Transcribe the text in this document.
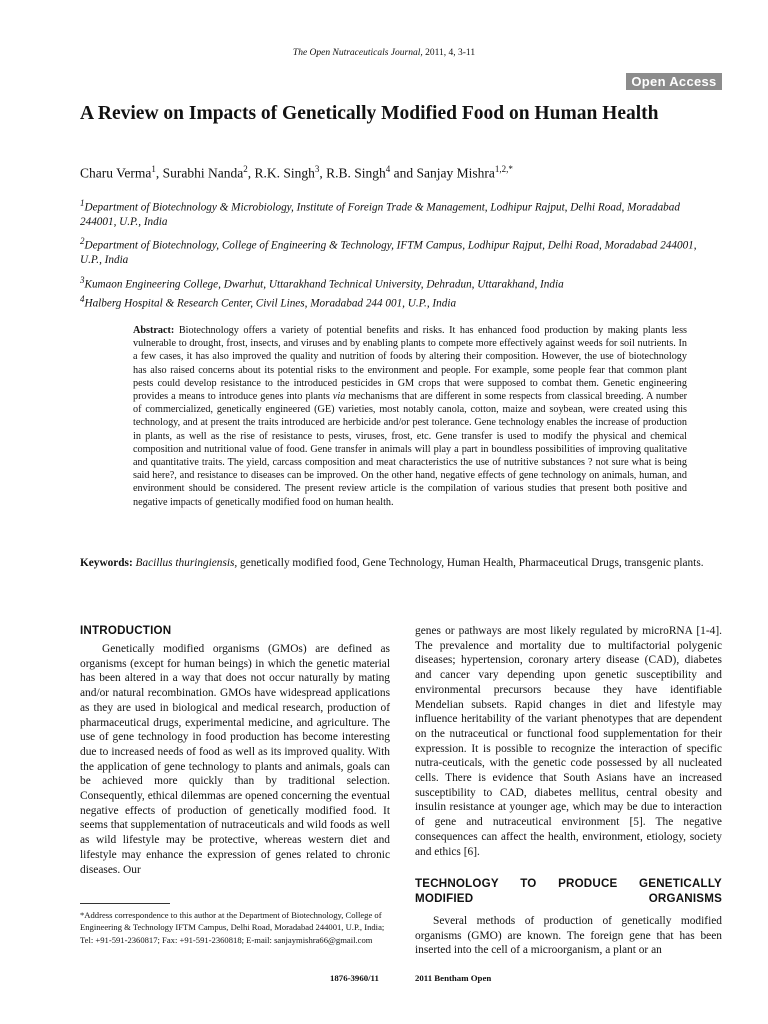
The Open Nutraceuticals Journal, 2011, 4, 3-11
Open Access
A Review on Impacts of Genetically Modified Food on Human Health
Charu Verma$^1$, Surabhi Nanda$^2$, R.K. Singh$^3$, R.B. Singh$^4$ and Sanjay Mishra$^{1,2,*}$
$^1$Department of Biotechnology & Microbiology, Institute of Foreign Trade & Management, Lodhipur Rajput, Delhi Road, Moradabad 244001, U.P., India
$^2$Department of Biotechnology, College of Engineering & Technology, IFTM Campus, Lodhipur Rajput, Delhi Road, Moradabad 244001, U.P., India
$^3$Kumaon Engineering College, Dwarhut, Uttarakhand Technical University, Dehradun, Uttarakhand, India
$^4$Halberg Hospital & Research Center, Civil Lines, Moradabad 244 001, U.P., India
Abstract: Biotechnology offers a variety of potential benefits and risks. It has enhanced food production by making plants less vulnerable to drought, frost, insects, and viruses and by enabling plants to compete more effectively against weeds for soil nutrients. In a few cases, it has also improved the quality and nutrition of foods by altering their composition. However, the use of biotechnology has also raised concerns about its potential risks to the environment and people. For example, some people fear that common plant pests could develop resistance to the introduced pesticides in GM crops that were supposed to combat them. Genetic engineering provides a means to introduce genes into plants via mechanisms that are different in some respects from classical breeding. A number of commercialized, genetically engineered (GE) varieties, most notably canola, cotton, maize and soybean, were created using this technology, and at present the traits introduced are herbicide and/or pest tolerance. Gene technology enables the increase of production in plants, as well as the rise of resistance to pests, viruses, frost, etc. Gene transfer is used to modify the physical and chemical composition and nutritional value of food. Gene transfer in animals will play a part in boundless possibilities of improving qualitative and quantitative traits. The yield, carcass composition and meat characteristics the use of nutritive substances ? not sure what is being said here?, and resistance to diseases can be improved. On the other hand, negative effects of gene technology on animals, human, and environment should be considered. The present review article is the compilation of various studies that present both positive and negative impacts of genetically modified food on human health.
Keywords: Bacillus thuringiensis, genetically modified food, Gene Technology, Human Health, Pharmaceutical Drugs, transgenic plants.
INTRODUCTION
Genetically modified organisms (GMOs) are defined as organisms (except for human beings) in which the genetic material has been altered in a way that does not occur naturally by mating and/or natural recombination. GMOs have widespread applications as they are used in biological and medical research, production of pharmaceutical drugs, experimental medicine, and agriculture. The use of gene technology in food production has become interesting due to increased needs of food as well as its improved quality. With the application of gene technology to plants and animals, goals can be achieved more quickly than by traditional selection. Consequently, ethical dilemmas are opened concerning the eventual negative effects of production of genetically modified food. It seems that supplementation of nutraceuticals and wild foods as well as wild lifestyle may be protective, whereas western diet and lifestyle may enhance the expression of genes related to chronic diseases. Our
genes or pathways are most likely regulated by microRNA [1-4]. The prevalence and mortality due to multifactorial polygenic diseases; hypertension, coronary artery disease (CAD), diabetes and cancer vary depending upon genetic susceptibility and environmental precursors because they have identifiable Mendelian subsets. Rapid changes in diet and lifestyle may influence heritability of the variant phenotypes that are dependent on the nutraceutical or functional food supplementation for their expression. It is possible to recognize the interaction of specific nutra-ceuticals, with the genetic code possessed by all nucleated cells. There is evidence that South Asians have an increased susceptibility to CAD, diabetes mellitus, central obesity and insulin resistance at younger age, which may be due to interaction of gene and nutraceutical environment [5]. The negative consequences can affect the health, environment, etiology, society and ethics [6].
TECHNOLOGY TO PRODUCE GENETICALLY MODIFIED ORGANISMS
Several methods of production of genetically modified organisms (GMO) are known. The foreign gene that has been inserted into the cell of a microorganism, a plant or an
*Address correspondence to this author at the Department of Biotechnology, College of Engineering & Technology IFTM Campus, Delhi Road, Moradabad 244001, U.P., India; Tel: +91-591-2360817; Fax: +91-591-2360818; E-mail: sanjaymishra66@gmail.com
1876-3960/11	2011 Bentham Open
